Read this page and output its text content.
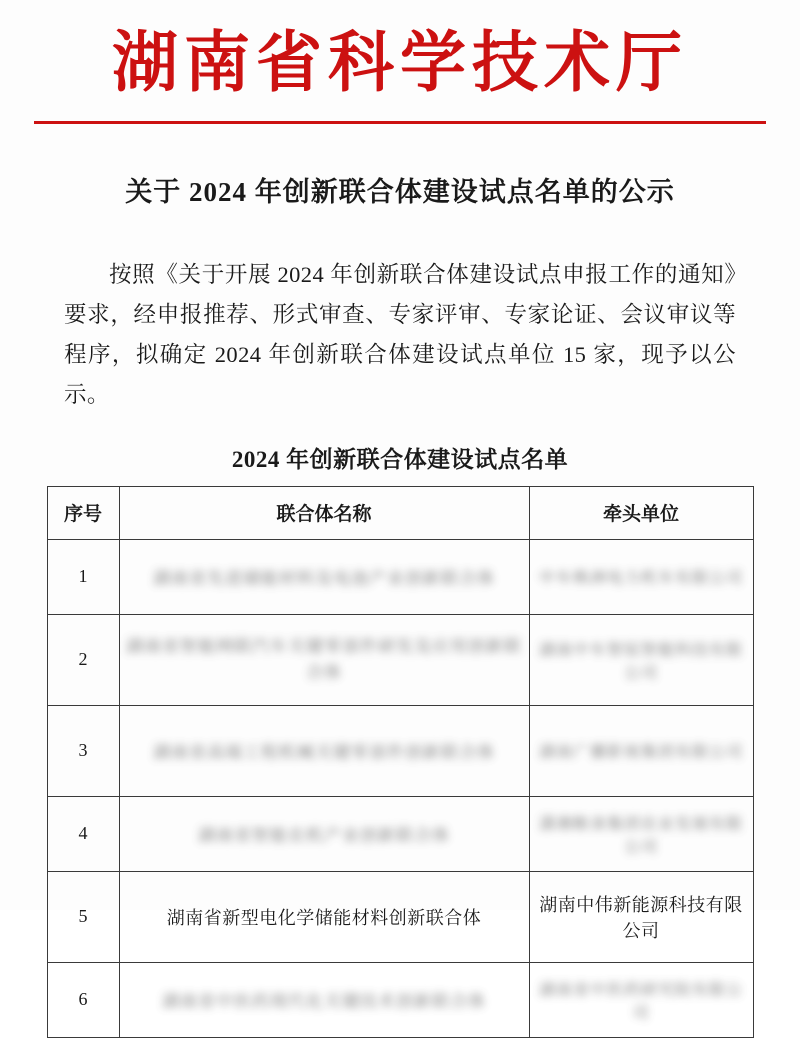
湖南省科学技术厅
关于 2024 年创新联合体建设试点名单的公示
按照《关于开展 2024 年创新联合体建设试点申报工作的通知》要求，经申报推荐、形式审查、专家评审、专家论证、会议审议等程序，拟确定 2024 年创新联合体建设试点单位 15 家，现予以公示。
2024 年创新联合体建设试点名单
序号	联合体名称	牵头单位
1	湖南省先进储能材料及电池产业创新联合体	中车株洲电力机车有限公司
2	湖南省智能网联汽车关键零部件研发及应用创新联合体	湖南中车智驭智能科技有限公司
3	湖南省高端工程机械关键零部件创新联合体	湖南广播影视集团有限公司
4	湖南省智能农机产业创新联合体	潇湘粮食集团农业发展有限公司
5	湖南省新型电化学储能材料创新联合体	湖南中伟新能源科技有限公司
6	湖南省中医药现代化关键技术创新联合体	湖南省中医药研究院有限公司
